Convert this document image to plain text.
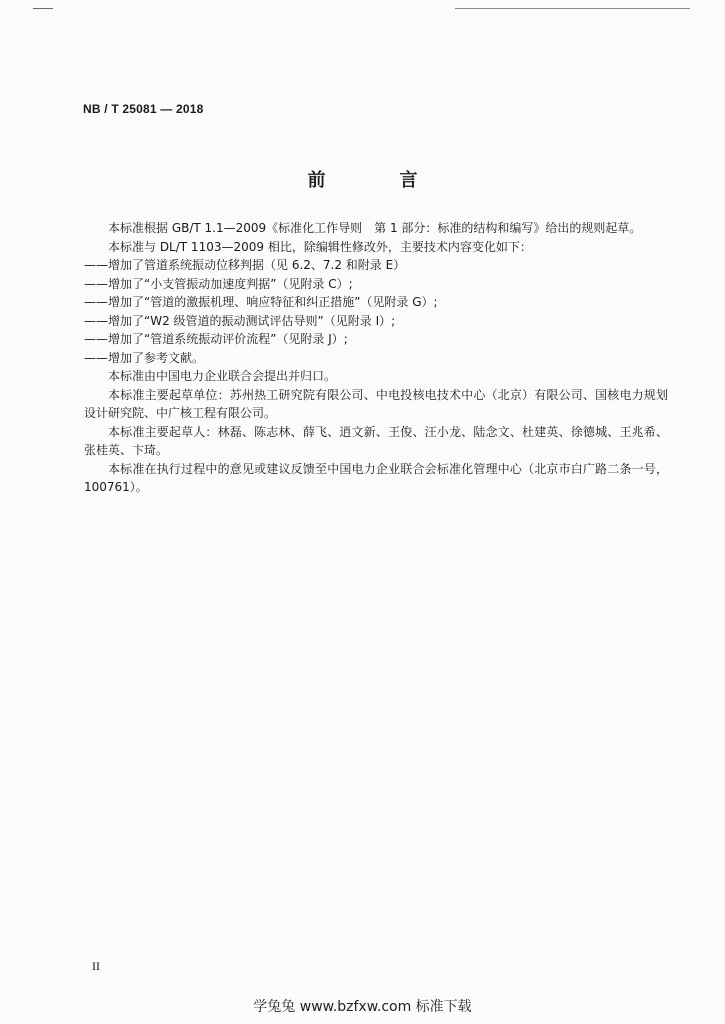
NB / T 25081 — 2018
前　言

本标准根据 GB/T 1.1—2009《标准化工作导则　第 1 部分：标准的结构和编写》给出的规则起草。

本标准与 DL/T 1103—2009 相比，除编辑性修改外，主要技术内容变化如下：

——增加了管道系统振动位移判据（见 6.2、7.2 和附录 E）

——增加了“小支管振动加速度判据”（见附录 C）;

——增加了“管道的激振机理、响应特征和纠正措施”（见附录 G）;

——增加了“W2 级管道的振动测试评估导则”（见附录 I）;

——增加了“管道系统振动评价流程”（见附录 J）;

——增加了参考文献。

本标准由中国电力企业联合会提出并归口。

本标准主要起草单位：苏州热工研究院有限公司、中电投核电技术中心（北京）有限公司、国核电力规划设计研究院、中广核工程有限公司。

本标准主要起草人：林磊、陈志林、薛飞、逍文新、王俊、汪小龙、陆念文、杜建英、徐德城、王兆希、张桂英、卞琦。

本标准在执行过程中的意见或建议反馈至中国电力企业联合会标准化管理中心（北京市白广路二条一号，100761）。

II
学兔兔 www.bzfxw.com 标准下载
